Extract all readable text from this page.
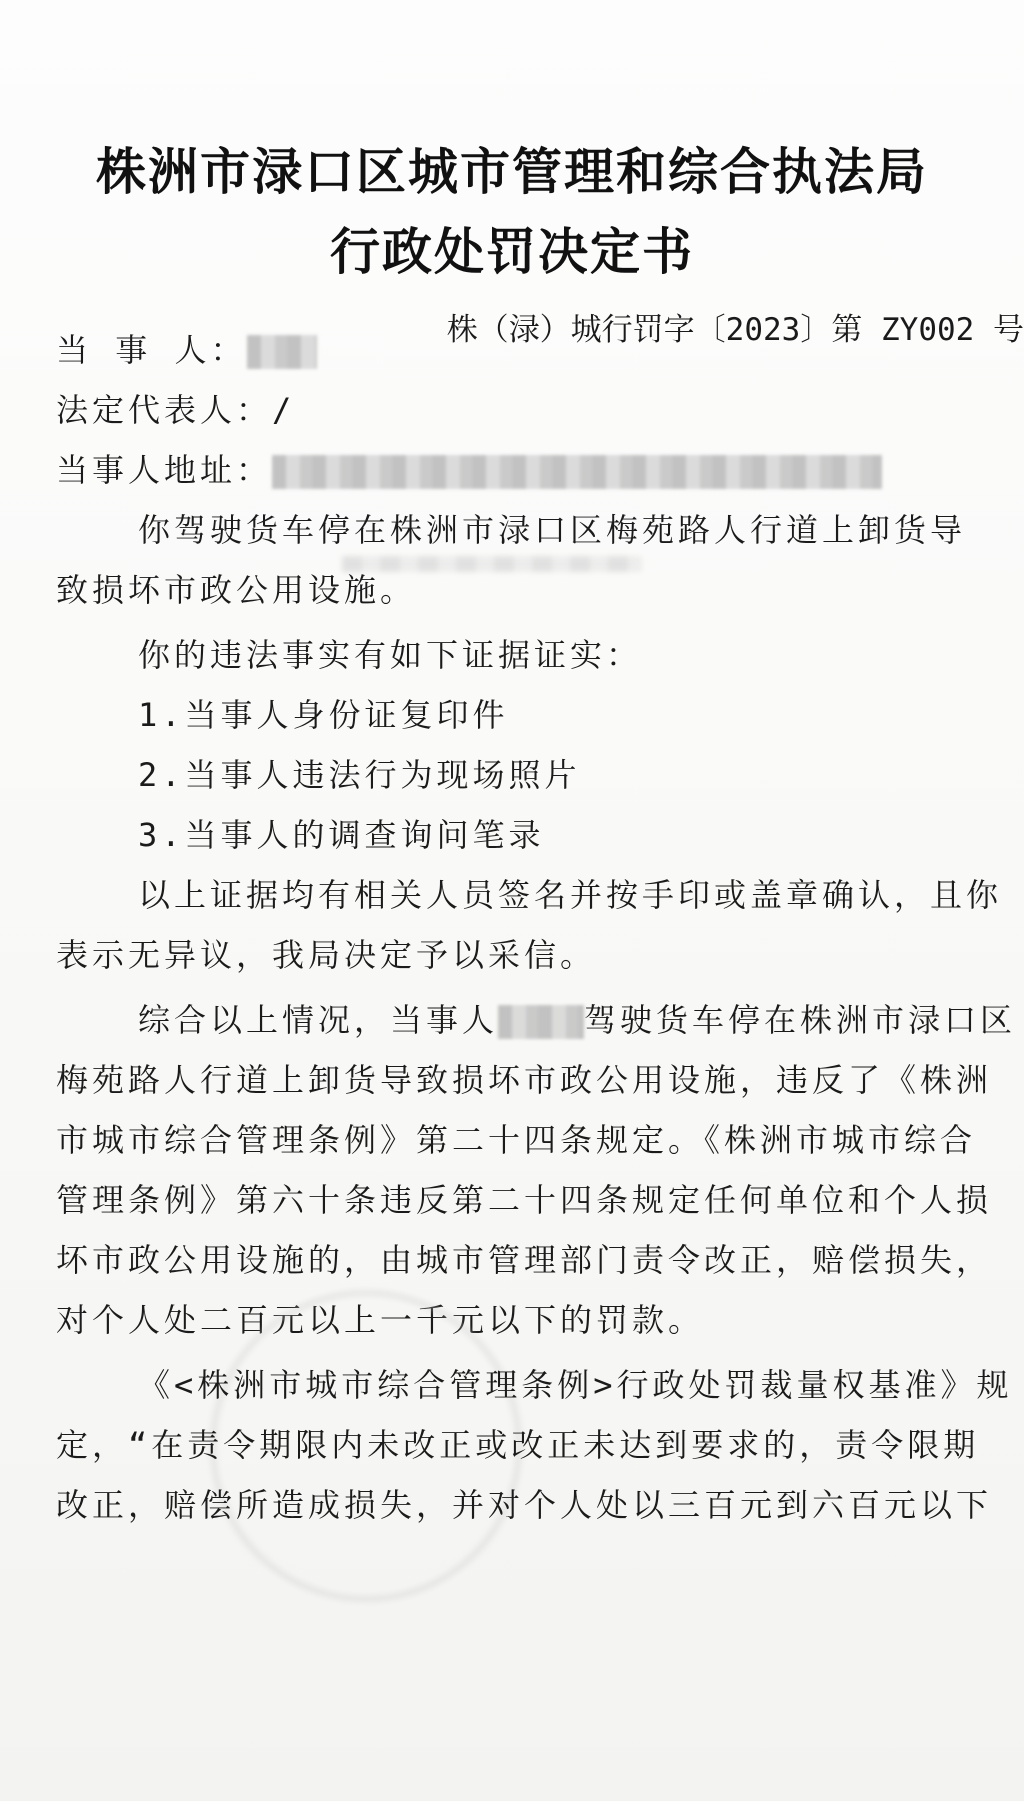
株洲市渌口区城市管理和综合执法局
行政处罚决定书
株（渌）城行罚字〔2023〕第 ZY002 号
当 事 人：
法定代表人：/
当事人地址：
你驾驶货车停在株洲市渌口区梅苑路人行道上卸货导
致损坏市政公用设施。
你的违法事实有如下证据证实：
1.当事人身份证复印件
2.当事人违法行为现场照片
3.当事人的调查询问笔录
以上证据均有相关人员签名并按手印或盖章确认，且你
表示无异议，我局决定予以采信。
综合以上情况，当事人	驾驶货车停在株洲市渌口区
梅苑路人行道上卸货导致损坏市政公用设施，违反了《株洲
市城市综合管理条例》第二十四条规定。《株洲市城市综合
管理条例》第六十条违反第二十四条规定任何单位和个人损
坏市政公用设施的，由城市管理部门责令改正，赔偿损失，
对个人处二百元以上一千元以下的罚款。
《<株洲市城市综合管理条例>行政处罚裁量权基准》规
定，“在责令期限内未改正或改正未达到要求的，责令限期
改正，赔偿所造成损失，并对个人处以三百元到六百元以下
